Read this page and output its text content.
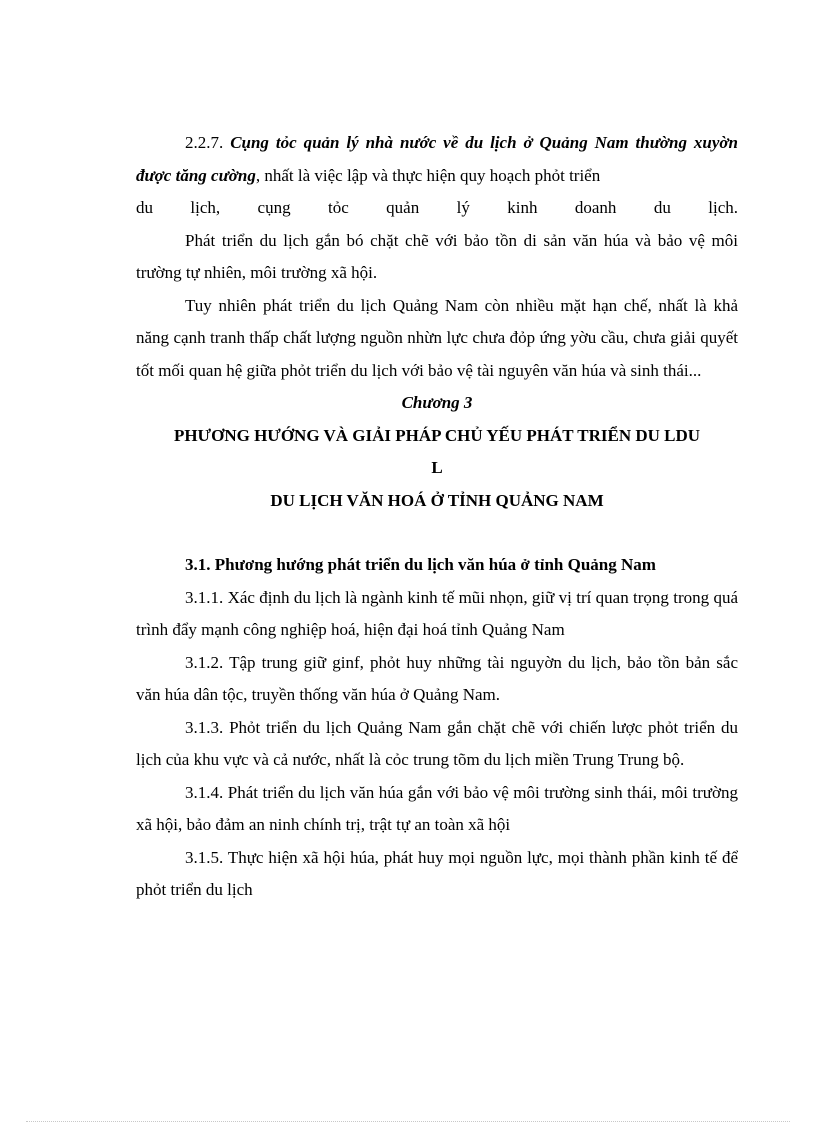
2.2.7. Cụng tỏc quản lý nhà nước về du lịch ở Quảng Nam thường xuyờn được tăng cường, nhất là việc lập và thực hiện quy hoạch phỏt triển

du lịch, cụng tỏc quản lý kinh doanh du lịch.

Phát triển du lịch gắn bó chặt chẽ với bảo tồn di sản văn húa và bảo vệ môi trường tự nhiên, môi trường xã hội.

Tuy nhiên phát triển du lịch Quảng Nam còn nhiều mặt hạn chế, nhất là khả năng cạnh tranh thấp chất lượng nguồn nhừn lực chưa đỏp ứng yờu cầu, chưa giải quyết tốt mối quan hệ giữa phỏt triển du lịch với bảo vệ tài nguyên văn húa và sinh thái...

Chương 3

PHƯƠNG HƯỚNG VÀ GIẢI PHÁP CHỦ YẾU PHÁT TRIỂN DU LDU

L

DU LỊCH VĂN HOÁ Ở TỈNH QUẢNG NAM

3.1. Phương hướng phát triển du lịch văn húa ở tỉnh Quảng Nam

3.1.1. Xác định du lịch là ngành kinh tế mũi nhọn, giữ vị trí quan trọng trong quá trình đẩy mạnh công nghiệp hoá, hiện đại hoá tỉnh Quảng Nam

3.1.2. Tập trung giữ ginf, phỏt huy những tài nguyờn du lịch, bảo tồn bản sắc văn húa dân tộc, truyền thống văn húa ở Quảng Nam.

3.1.3. Phỏt triển du lịch Quảng Nam gắn chặt chẽ với chiến lược phỏt triển du lịch của khu vực và cả nước, nhất là cỏc trung tõm du lịch miền Trung Trung bộ.

3.1.4. Phát triển du lịch văn húa gắn với bảo vệ môi trường sinh thái, môi trường xã hội, bảo đảm an ninh chính trị, trật tự an toàn xã hội

3.1.5. Thực hiện xã hội húa, phát huy mọi nguồn lực, mọi thành phần kinh tế để phỏt triển du lịch
